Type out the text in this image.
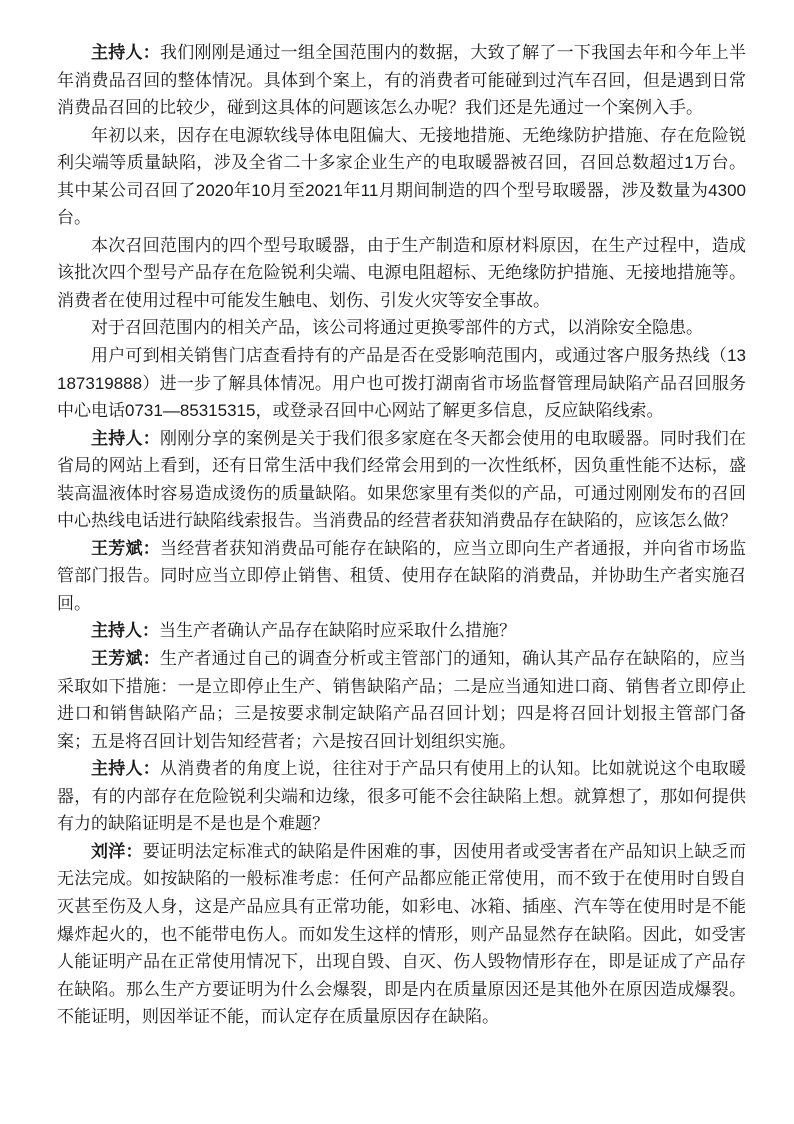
主持人：我们刚刚是通过一组全国范围内的数据，大致了解了一下我国去年和今年上半年消费品召回的整体情况。具体到个案上，有的消费者可能碰到过汽车召回，但是遇到日常消费品召回的比较少，碰到这具体的问题该怎么办呢？我们还是先通过一个案例入手。

年初以来，因存在电源软线导体电阻偏大、无接地措施、无绝缘防护措施、存在危险锐利尖端等质量缺陷，涉及全省二十多家企业生产的电取暖器被召回，召回总数超过1万台。其中某公司召回了2020年10月至2021年11月期间制造的四个型号取暖器，涉及数量为4300台。

本次召回范围内的四个型号取暖器，由于生产制造和原材料原因，在生产过程中，造成该批次四个型号产品存在危险锐利尖端、电源电阻超标、无绝缘防护措施、无接地措施等。消费者在使用过程中可能发生触电、划伤、引发火灾等安全事故。

对于召回范围内的相关产品，该公司将通过更换零部件的方式，以消除安全隐患。

用户可到相关销售门店查看持有的产品是否在受影响范围内，或通过客户服务热线（13187319888）进一步了解具体情况。用户也可拨打湖南省市场监督管理局缺陷产品召回服务中心电话0731—85315315，或登录召回中心网站了解更多信息，反应缺陷线索。

主持人：刚刚分享的案例是关于我们很多家庭在冬天都会使用的电取暖器。同时我们在省局的网站上看到，还有日常生活中我们经常会用到的一次性纸杯，因负重性能不达标，盛装高温液体时容易造成烫伤的质量缺陷。如果您家里有类似的产品，可通过刚刚发布的召回中心热线电话进行缺陷线索报告。当消费品的经营者获知消费品存在缺陷的，应该怎么做？

王芳斌：当经营者获知消费品可能存在缺陷的，应当立即向生产者通报，并向省市场监管部门报告。同时应当立即停止销售、租赁、使用存在缺陷的消费品，并协助生产者实施召回。

主持人：当生产者确认产品存在缺陷时应采取什么措施？

王芳斌：生产者通过自己的调查分析或主管部门的通知，确认其产品存在缺陷的，应当采取如下措施：一是立即停止生产、销售缺陷产品；二是应当通知进口商、销售者立即停止进口和销售缺陷产品；三是按要求制定缺陷产品召回计划；四是将召回计划报主管部门备案；五是将召回计划告知经营者；六是按召回计划组织实施。

主持人：从消费者的角度上说，往往对于产品只有使用上的认知。比如就说这个电取暖器，有的内部存在危险锐利尖端和边缘，很多可能不会往缺陷上想。就算想了，那如何提供有力的缺陷证明是不是也是个难题？

刘洋：要证明法定标准式的缺陷是件困难的事，因使用者或受害者在产品知识上缺乏而无法完成。如按缺陷的一般标准考虑：任何产品都应能正常使用，而不致于在使用时自毁自灭甚至伤及人身，这是产品应具有正常功能，如彩电、冰箱、插座、汽车等在使用时是不能爆炸起火的，也不能带电伤人。而如发生这样的情形，则产品显然存在缺陷。因此，如受害人能证明产品在正常使用情况下，出现自毁、自灭、伤人毁物情形存在，即是证成了产品存在缺陷。那么生产方要证明为什么会爆裂，即是内在质量原因还是其他外在原因造成爆裂。不能证明，则因举证不能，而认定存在质量原因存在缺陷。
